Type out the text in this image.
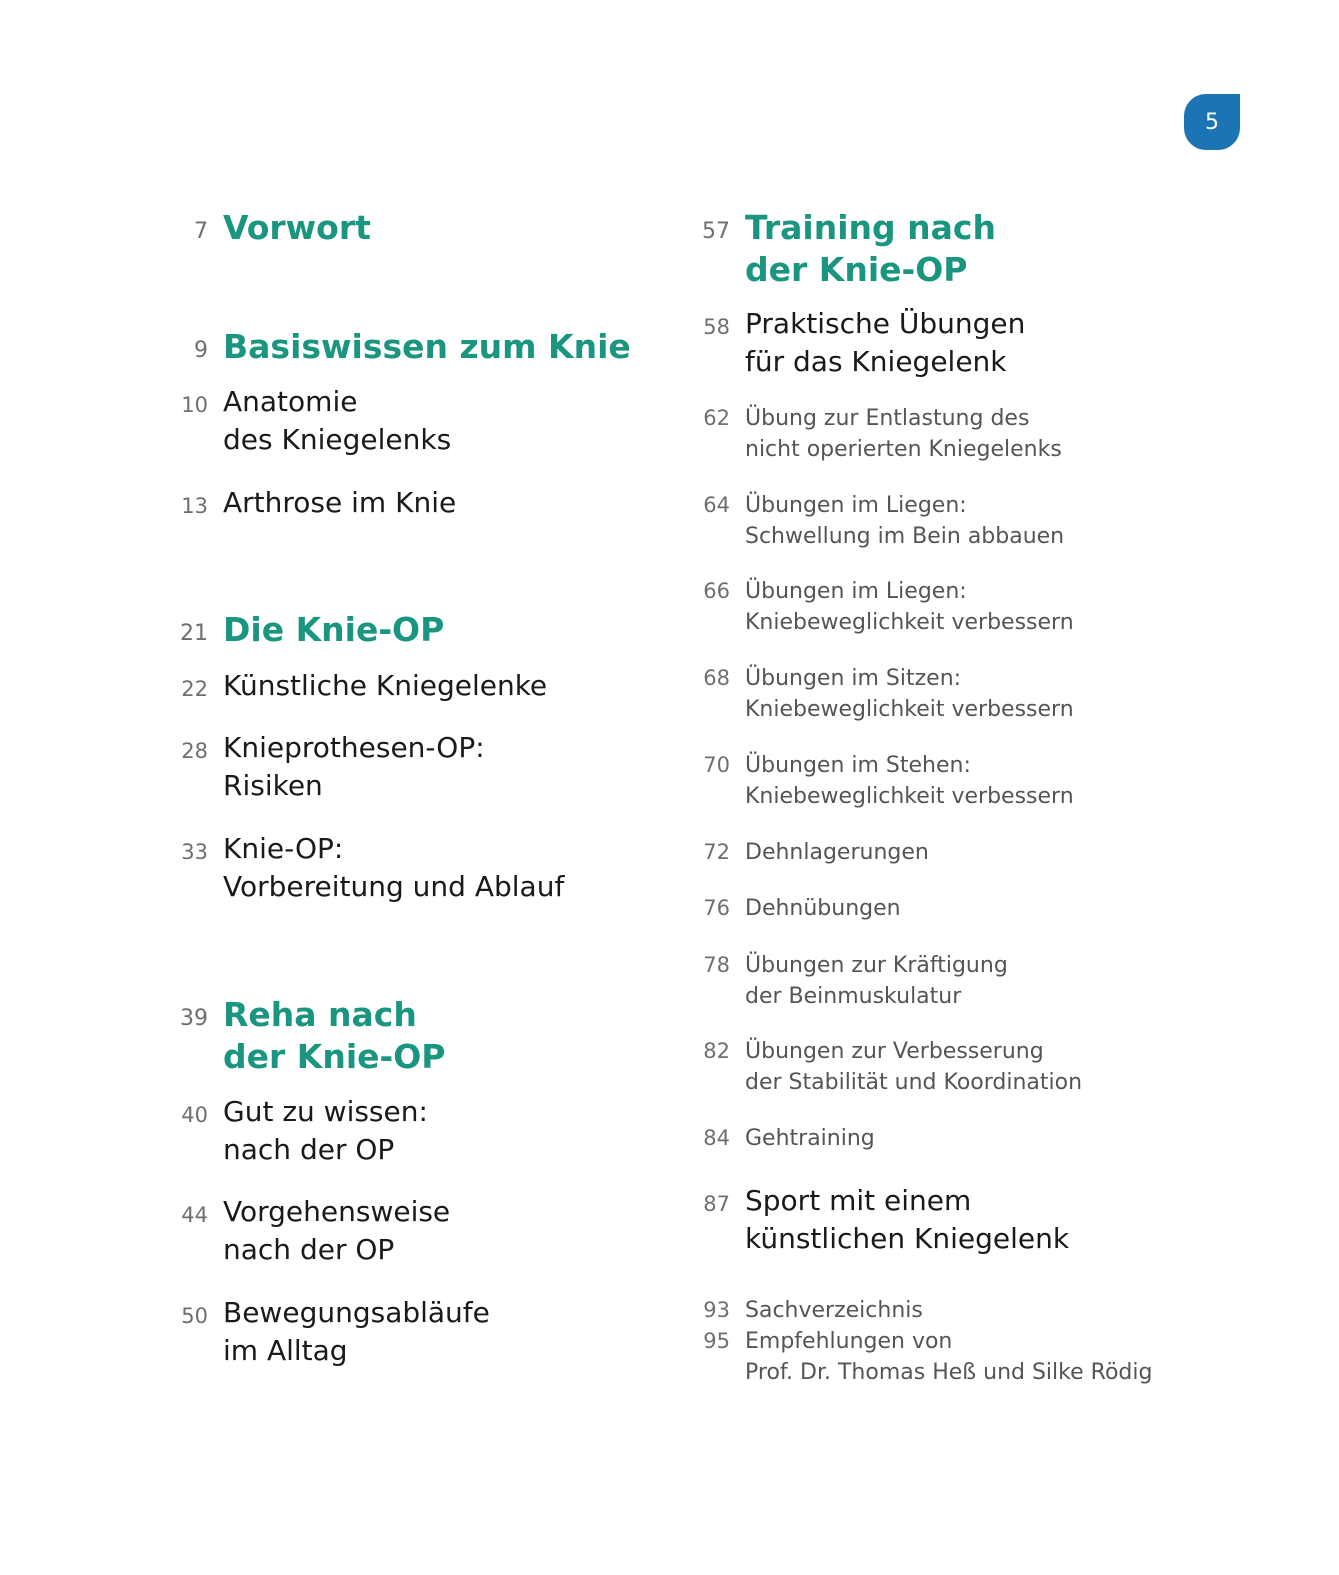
5
7 Vorwort
9 Basiswissen zum Knie
10 Anatomie
des Kniegelenks
13 Arthrose im Knie
21 Die Knie-OP
22 Künstliche Kniegelenke
28 Knieprothesen-OP:
Risiken
33 Knie-OP:
Vorbereitung und Ablauf
39 Reha nach
der Knie-OP
40 Gut zu wissen:
nach der OP
44 Vorgehensweise
nach der OP
50 Bewegungsabläufe
im Alltag
57 Training nach
der Knie-OP
58 Praktische Übungen
für das Kniegelenk
62 Übung zur Entlastung des
nicht operierten Kniegelenks
64 Übungen im Liegen:
Schwellung im Bein abbauen
66 Übungen im Liegen:
Kniebeweglichkeit verbessern
68 Übungen im Sitzen:
Kniebeweglichkeit verbessern
70 Übungen im Stehen:
Kniebeweglichkeit verbessern
72 Dehnlagerungen
76 Dehnübungen
78 Übungen zur Kräftigung
der Beinmuskulatur
82 Übungen zur Verbesserung
der Stabilität und Koordination
84 Gehtraining
87 Sport mit einem
künstlichen Kniegelenk
93 Sachverzeichnis
95 Empfehlungen von
Prof. Dr. Thomas Heß und Silke Rödig
